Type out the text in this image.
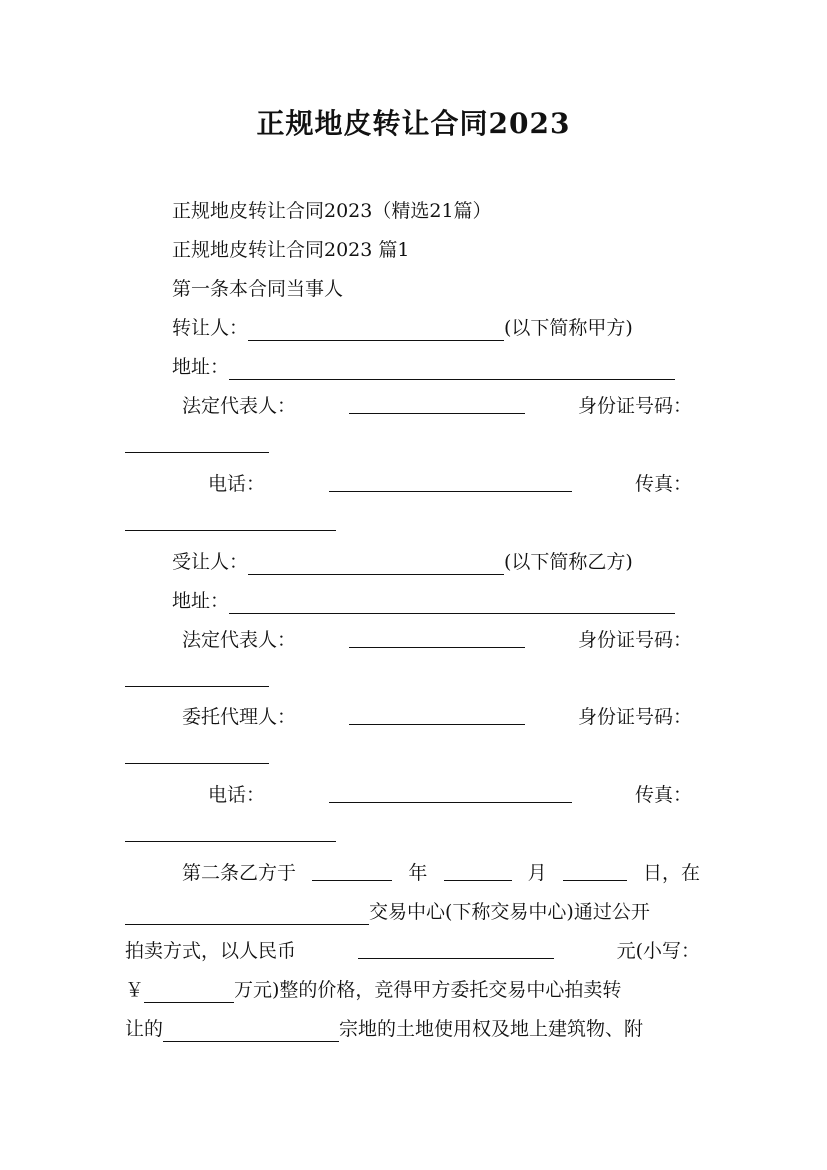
正规地皮转让合同2023
正规地皮转让合同2023（精选21篇）
正规地皮转让合同2023 篇1
第一条本合同当事人
转让人：	(以下简称甲方)
地址：
法定代表人：	身份证号码：
电话：	传真：
受让人：	(以下简称乙方)
地址：
法定代表人：	身份证号码：
委托代理人：	身份证号码：
电话：	传真：
第二条乙方于	年	月	日，在
交易中心(下称交易中心)通过公开
拍卖方式，以人民币	元(小写：
￥	万元)整的价格，竞得甲方委托交易中心拍卖转
让的	宗地的土地使用权及地上建筑物、附
